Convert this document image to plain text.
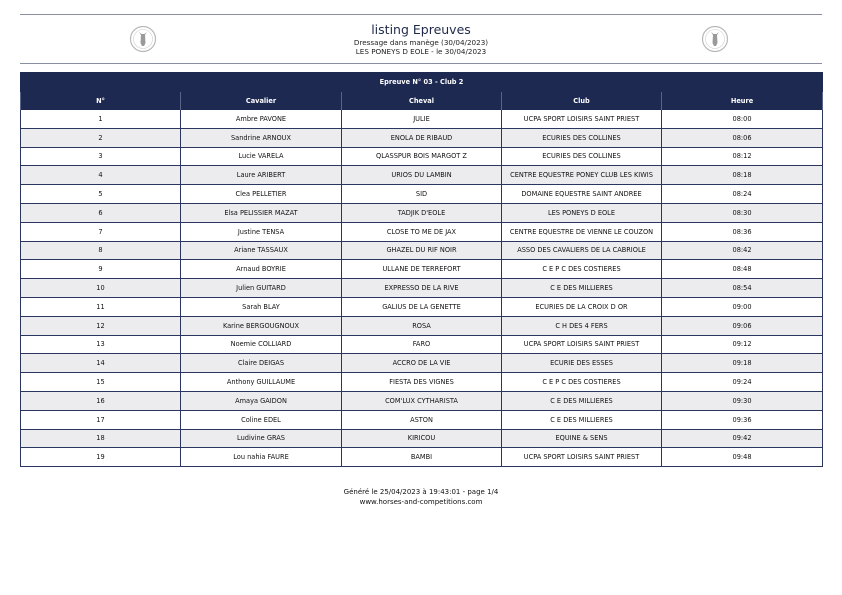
listing Epreuves
Dressage dans manège (30/04/2023)
LES PONEYS D EOLE - le 30/04/2023
Epreuve N° 03 - Club 2				
N°	Cavalier	Cheval	Club	Heure
1	Ambre PAVONE	JULIE	UCPA SPORT LOISIRS SAINT PRIEST	08:00
2	Sandrine ARNOUX	ENOLA DE RIBAUD	ECURIES DES COLLINES	08:06
3	Lucie VARELA	QLASSPUR BOIS MARGOT Z	ECURIES DES COLLINES	08:12
4	Laure ARIBERT	URIOS DU LAMBIN	CENTRE EQUESTRE PONEY CLUB LES KIWIS	08:18
5	Clea PELLETIER	SID	DOMAINE EQUESTRE SAINT ANDREE	08:24
6	Elsa PELISSIER MAZAT	TADJIK D'EOLE	LES PONEYS D EOLE	08:30
7	Justine TENSA	CLOSE TO ME DE JAX	CENTRE EQUESTRE DE VIENNE LE COUZON	08:36
8	Ariane TASSAUX	GHAZEL DU RIF NOIR	ASSO DES CAVALIERS DE LA CABRIOLE	08:42
9	Arnaud BOYRIE	ULLANE DE TERREFORT	C E P C DES COSTIERES	08:48
10	Julien GUITARD	EXPRESSO DE LA RIVE	C E DES MILLIERES	08:54
11	Sarah BLAY	GALIUS DE LA GENETTE	ECURIES DE LA CROIX D OR	09:00
12	Karine BERGOUGNOUX	ROSA	C H DES 4 FERS	09:06
13	Noemie COLLIARD	FARO	UCPA SPORT LOISIRS SAINT PRIEST	09:12
14	Claire DEIGAS	ACCRO DE LA VIE	ECURIE DES ESSES	09:18
15	Anthony GUILLAUME	FIESTA DES VIGNES	C E P C DES COSTIERES	09:24
16	Amaya GAIDON	COM'LUX CYTHARISTA	C E DES MILLIERES	09:30
17	Coline EDEL	ASTON	C E DES MILLIERES	09:36
18	Ludivine GRAS	KIRICOU	EQUINE & SENS	09:42
19	Lou nahia FAURE	BAMBI	UCPA SPORT LOISIRS SAINT PRIEST	09:48
Généré le 25/04/2023 à 19:43:01 - page 1/4
www.horses-and-competitions.com
